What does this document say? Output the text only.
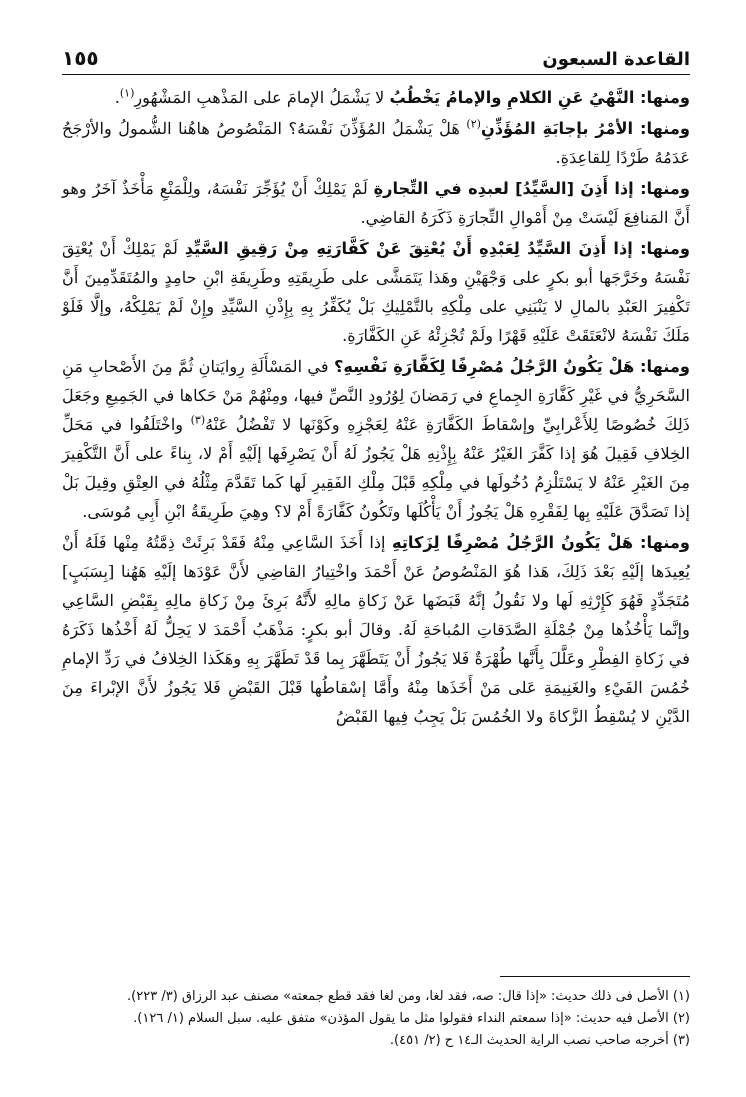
القاعدة السبعون
١٥٥

ومنها: النَّهْيُ عَنِ الكلامِ والإمامُ يَخْطُبُ لا يَشْمَلُ الإمامَ على المَذْهبِ المَشْهُورِ$^{(١)}$.

ومنها: الأمْرُ بإجابَةِ المُؤَذِّنِ$^{(٢)}$ هَلْ يَشْمَلُ المُؤَذِّنَ نَفْسَهُ؟ المَنْصُوصُ هاهُنا الشُّمولُ والأرْجَحُ عَدَمُهُ طَرْدًا لِلقاعِدَةِ.

ومنها: إذا أَذِنَ [السَّيِّدُ] لعبدِه في التِّجارةِ لَمْ يَمْلِكْ أَنْ يُؤَجِّرَ نَفْسَهُ، ولِلْمَنْعِ مَأْخَذٌ آخَرُ وهو أَنَّ المَنافِعَ لَيْسَتْ مِنْ أَمْوالِ التِّجارَةِ ذَكَرَهُ القاضِي.

ومنها: إذا أَذِنَ السَّيِّدُ لِعَبْدِهِ أَنْ يُعْتِقَ عَنْ كَفَّارَتِهِ مِنْ رَقِيقِ السَّيِّدِ لَمْ يَمْلِكْ أَنْ يُعْتِقَ نَفْسَهُ وخَرَّجَها أبو بكرٍ على وَجْهَيْنِ وهَذا يَتَمَشَّى على طَرِيقَتِهِ وطَرِيقَةِ ابْنِ حامِدٍ والمُتَقَدِّمِينَ أَنَّ تَكْفِيرَ العَبْدِ بالمالِ لا يَنْبَنِي على مِلْكِهِ بالتَّمْلِيكِ بَلْ يُكَفِّرُ بِهِ بِإِذْنِ السَّيِّدِ وإِنْ لَمْ يَمْلِكْهُ، وإلَّا فَلَوْ مَلَكَ نَفْسَهُ لانْعَتَقَتْ عَلَيْهِ قَهْرًا ولَمْ تُجْزِئْهُ عَنِ الكَفَّارَةِ.

ومنها: هَلْ يَكُونُ الرَّجُلُ مُصْرِفًا لِكَفَّارَةِ نَفْسِهِ؟ في المَسْأَلَةِ رِوايَتانِ ثُمَّ مِنَ الأَصْحابِ مَنِ السَّحَرِيُّ في غَيْرِ كَفَّارَةِ الجِماعِ في رَمَضانَ لِوُرُودِ النَّصِّ فيها، ومِنْهُمْ مَنْ حَكاها في الجَمِيعِ وجَعَلَ ذَلِكَ خُصُوصًا لِلأَعْرابِيِّ وإسْقاطَ الكَفَّارَةِ عَنْهُ لِعَجْزِهِ وكَوْنَها لا تَفْضُلُ عَنْهُ$^{(٣)}$ واخْتَلَفُوا في مَحَلِّ الخِلافِ فَقِيلَ هُوَ إذا كَفَّرَ الغَيْرُ عَنْهُ بِإِذْنِهِ هَلْ يَجُوزُ لَهُ أَنْ يَصْرِفَها إلَيْهِ أَمْ لا، بِناءً على أَنَّ التَّكْفِيرَ مِنَ الغَيْرِ عَنْهُ لا يَسْتَلْزِمُ دُخُولَها في مِلْكِهِ قَبْلَ مِلْكِ الفَقِيرِ لَها كَما تَقَدَّمَ مِثْلُهُ في العِتْقِ وقِيلَ بَلْ إذا تَصَدَّقَ عَلَيْهِ بِها لِفَقْرِهِ هَلْ يَجُوزُ أَنْ يَأْكُلَها وتَكُونُ كَفَّارَةً أَمْ لا؟ وهِيَ طَرِيقَةُ ابْنِ أَبِي مُوسَى.

ومنها: هَلْ يَكُونُ الرَّجُلُ مُصْرِفًا لِزَكاتِهِ إذا أَخَذَ السَّاعِي مِنْهُ فَقَدْ بَرِئَتْ ذِمَّتُهُ مِنْها فَلَهُ أَنْ يُعِيدَها إلَيْهِ بَعْدَ ذَلِكَ، هَذا هُوَ المَنْصُوصُ عَنْ أَحْمَدَ واخْتِيارُ القاضِي لأَنَّ عَوْدَها إلَيْهِ هَهُنا [بِسَبَبٍ] مُتَجَدِّدٍ فَهُوَ كَإِرْثِهِ لَها ولا نَقُولُ إنَّهُ قَبَضَها عَنْ زَكاةِ مالِهِ لأَنَّهُ بَرِئَ مِنْ زَكاةِ مالِهِ بِقَبْضِ السَّاعِي وإنَّما يَأْخُذُها مِنْ جُمْلَةِ الصَّدَقاتِ المُباحَةِ لَهُ. وقالَ أبو بكرٍ: مَذْهَبُ أَحْمَدَ لا يَحِلُّ لَهُ أَخْذُها ذَكَرَهُ في زَكاةِ الفِطْرِ وعَلَّلَ بِأَنَّها طُهْرَةٌ فَلا يَجُوزُ أَنْ يَتَطَهَّرَ بِما قَدْ تَطَهَّرَ بِهِ وهَكَذا الخِلافُ في رَدِّ الإمامِ خُمُسَ الفَيْءِ والغَنِيمَةِ عَلى مَنْ أَخَذَها مِنْهُ وأَمَّا إسْقاطُها قَبْلَ القَبْضِ فَلا يَجُوزُ لأَنَّ الإبْراءَ مِنَ الدَّيْنِ لا يُسْقِطُ الزَّكاةَ ولا الخُمُسَ بَلْ يَجِبُ فِيها القَبْضُ

(١) الأصل فى ذلك حديث: «إذا قال: صه، فقد لغا، ومن لغا فقد قطع جمعته» مصنف عبد الرزاق (٣/ ٢٢٣).

(٢) الأصل فيه حديث: «إذا سمعتم النداء فقولوا مثل ما يقول المؤذن» متفق عليه. سبل السلام (١/ ١٢٦).

(٣) أخرجه صاحب نصب الراية الحديث الـ١٤ ح (٢/ ٤٥١).
